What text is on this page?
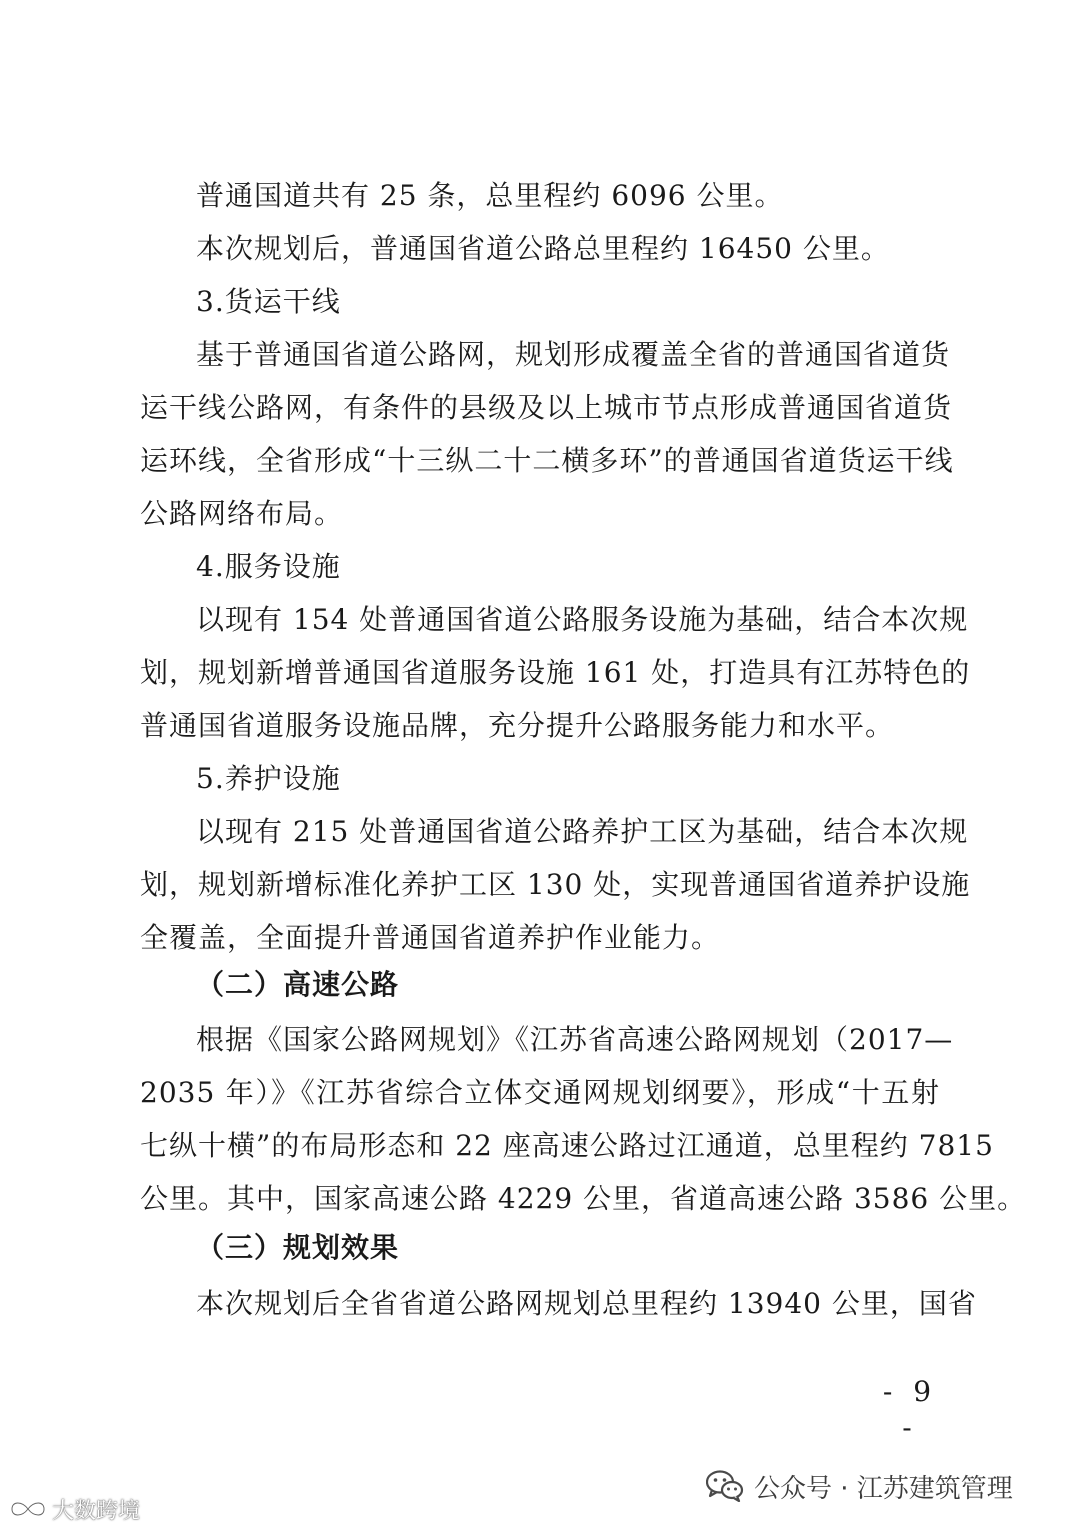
普通国道共有 25 条，总里程约 6096 公里。
本次规划后，普通国省道公路总里程约 16450 公里。
3.货运干线
基于普通国省道公路网，规划形成覆盖全省的普通国省道货
运干线公路网，有条件的县级及以上城市节点形成普通国省道货
运环线，全省形成“十三纵二十二横多环”的普通国省道货运干线
公路网络布局。
4.服务设施
以现有 154 处普通国省道公路服务设施为基础，结合本次规
划，规划新增普通国省道服务设施 161 处，打造具有江苏特色的
普通国省道服务设施品牌，充分提升公路服务能力和水平。
5.养护设施
以现有 215 处普通国省道公路养护工区为基础，结合本次规
划，规划新增标准化养护工区 130 处，实现普通国省道养护设施
全覆盖，全面提升普通国省道养护作业能力。
（二）高速公路
根据《国家公路网规划》《江苏省高速公路网规划（2017—
2035 年）》《江苏省综合立体交通网规划纲要》，形成“十五射
七纵十横”的布局形态和 22 座高速公路过江通道，总里程约 7815
公里。其中，国家高速公路 4229 公里，省道高速公路 3586 公里。
（三）规划效果
本次规划后全省省道公路网规划总里程约 13940 公里，国省
- 9 -
公众号 · 江苏建筑管理
大数跨境
